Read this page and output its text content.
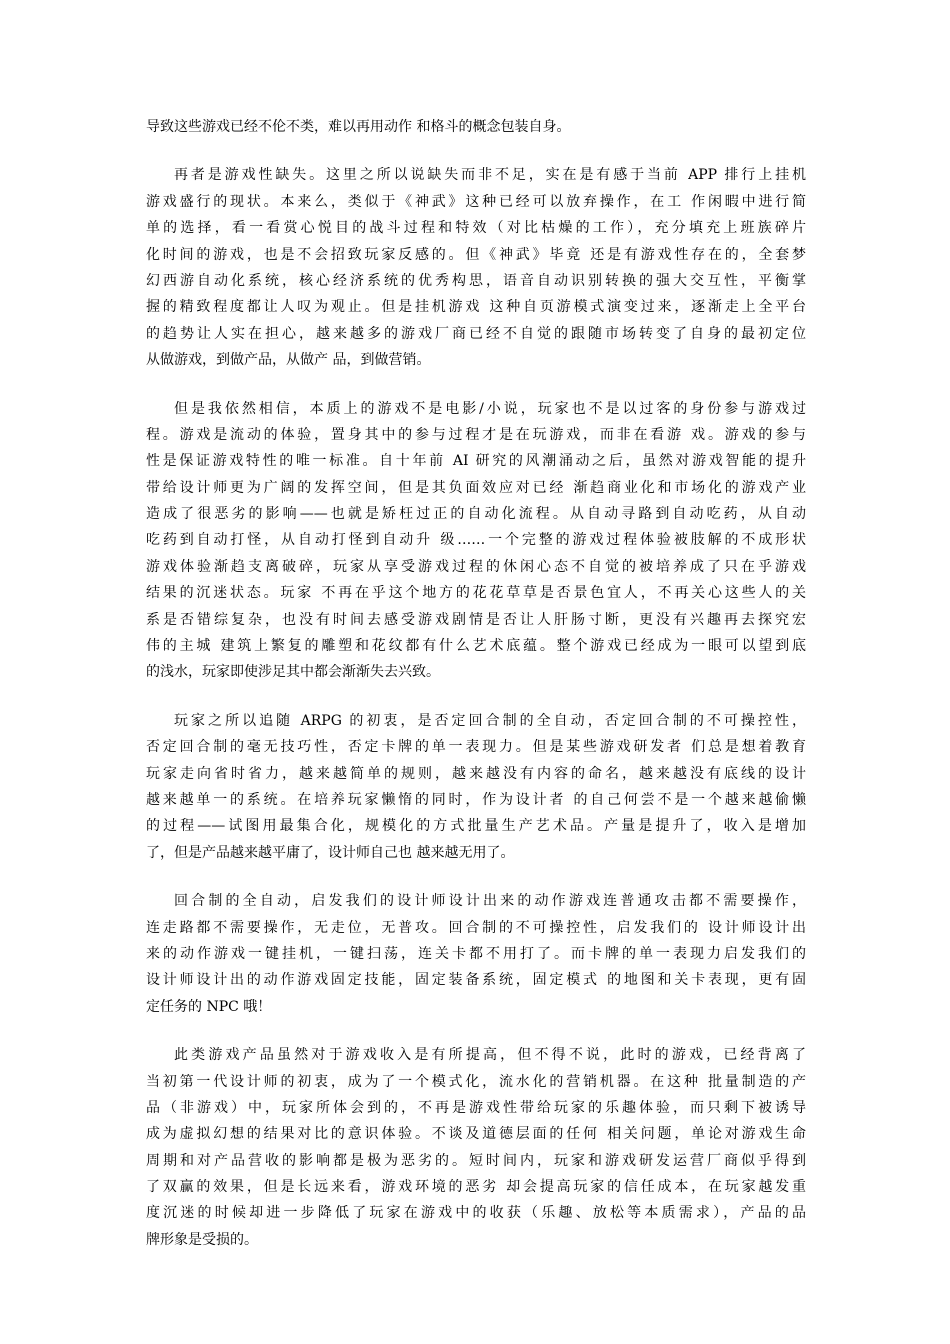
导致这些游戏已经不伦不类，难以再用动作 和格斗的概念包装自身。
再者是游戏性缺失。这里之所以说缺失而非不足，实在是有感于当前 APP 排行上挂机
游戏盛行的现状。本来么，类似于《神武》这种已经可以放弃操作，在工 作闲暇中进行简
单的选择，看一看赏心悦目的战斗过程和特效（对比枯燥的工作），充分填充上班族碎片
化时间的游戏，也是不会招致玩家反感的。但《神武》毕竟 还是有游戏性存在的，全套梦
幻西游自动化系统，核心经济系统的优秀构思，语音自动识别转换的强大交互性，平衡掌
握的精致程度都让人叹为观止。但是挂机游戏 这种自页游模式演变过来，逐渐走上全平台
的趋势让人实在担心，越来越多的游戏厂商已经不自觉的跟随市场转变了自身的最初定位
从做游戏，到做产品，从做产 品，到做营销。
但是我依然相信，本质上的游戏不是电影/小说，玩家也不是以过客的身份参与游戏过
程。游戏是流动的体验，置身其中的参与过程才是在玩游戏，而非在看游 戏。游戏的参与
性是保证游戏特性的唯一标准。自十年前 AI 研究的风潮涌动之后，虽然对游戏智能的提升
带给设计师更为广阔的发挥空间，但是其负面效应对已经 渐趋商业化和市场化的游戏产业
造成了很恶劣的影响——也就是矫枉过正的自动化流程。从自动寻路到自动吃药，从自动
吃药到自动打怪，从自动打怪到自动升 级……一个完整的游戏过程体验被肢解的不成形状
游戏体验渐趋支离破碎，玩家从享受游戏过程的休闲心态不自觉的被培养成了只在乎游戏
结果的沉迷状态。玩家 不再在乎这个地方的花花草草是否景色宜人，不再关心这些人的关
系是否错综复杂，也没有时间去感受游戏剧情是否让人肝肠寸断，更没有兴趣再去探究宏
伟的主城 建筑上繁复的雕塑和花纹都有什么艺术底蕴。整个游戏已经成为一眼可以望到底
的浅水，玩家即使涉足其中都会渐渐失去兴致。
玩家之所以追随 ARPG 的初衷，是否定回合制的全自动，否定回合制的不可操控性，
否定回合制的毫无技巧性，否定卡牌的单一表现力。但是某些游戏研发者 们总是想着教育
玩家走向省时省力，越来越简单的规则，越来越没有内容的命名，越来越没有底线的设计
越来越单一的系统。在培养玩家懒惰的同时，作为设计者 的自己何尝不是一个越来越偷懒
的过程——试图用最集合化，规模化的方式批量生产艺术品。产量是提升了，收入是增加
了，但是产品越来越平庸了，设计师自己也 越来越无用了。
回合制的全自动，启发我们的设计师设计出来的动作游戏连普通攻击都不需要操作，
连走路都不需要操作，无走位，无普攻。回合制的不可操控性，启发我们的 设计师设计出
来的动作游戏一键挂机，一键扫荡，连关卡都不用打了。而卡牌的单一表现力启发我们的
设计师设计出的动作游戏固定技能，固定装备系统，固定模式 的地图和关卡表现，更有固
定任务的 NPC 哦！
此类游戏产品虽然对于游戏收入是有所提高，但不得不说，此时的游戏，已经背离了
当初第一代设计师的初衷，成为了一个模式化，流水化的营销机器。在这种 批量制造的产
品（非游戏）中，玩家所体会到的，不再是游戏性带给玩家的乐趣体验，而只剩下被诱导
成为虚拟幻想的结果对比的意识体验。不谈及道德层面的任何 相关问题，单论对游戏生命
周期和对产品营收的影响都是极为恶劣的。短时间内，玩家和游戏研发运营厂商似乎得到
了双赢的效果，但是长远来看，游戏环境的恶劣 却会提高玩家的信任成本，在玩家越发重
度沉迷的时候却进一步降低了玩家在游戏中的收获（乐趣、放松等本质需求），产品的品
牌形象是受损的。
